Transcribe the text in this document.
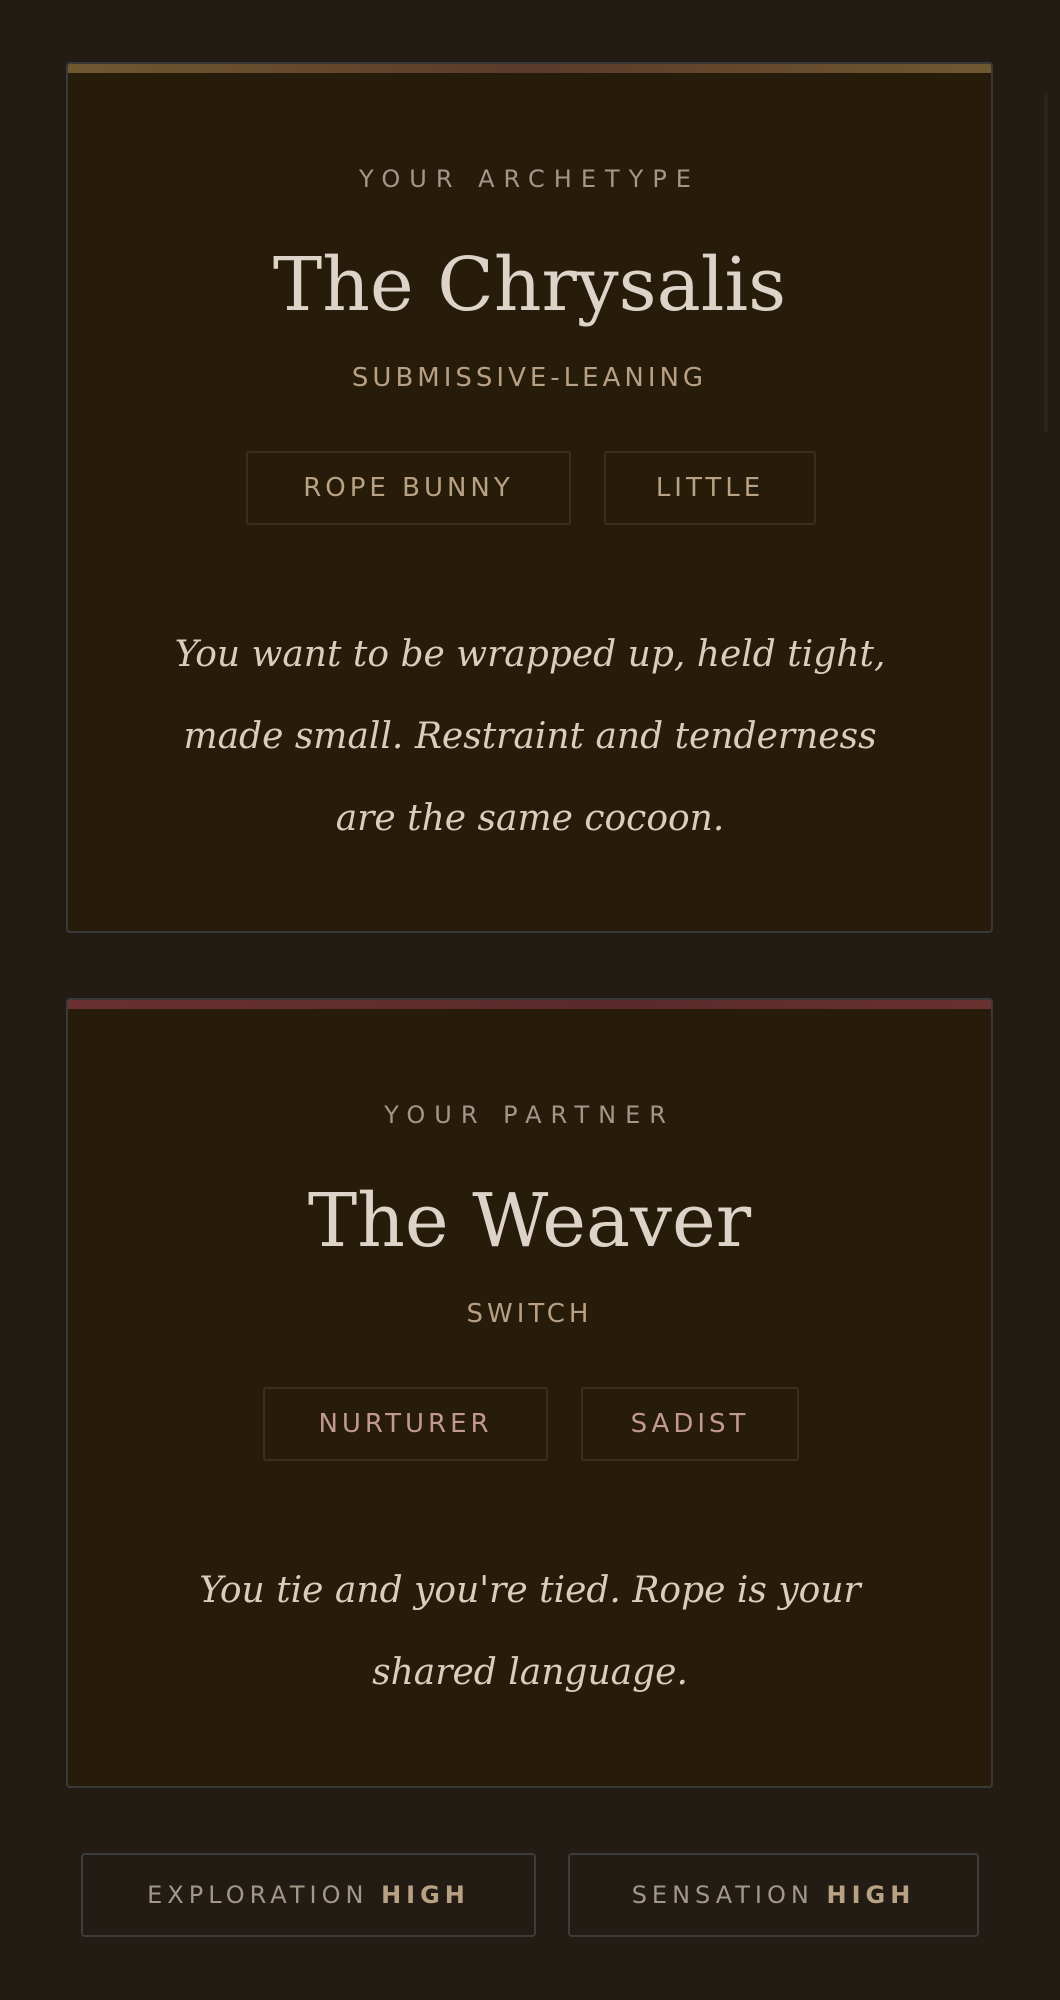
YOUR ARCHETYPE
The Chrysalis
SUBMISSIVE-LEANING
ROPE BUNNY	LITTLE
You want to be wrapped up, held tight, made small. Restraint and tenderness are the same cocoon.
YOUR PARTNER
The Weaver
SWITCH
NURTURER	SADIST
You tie and you're tied. Rope is your shared language.
EXPLORATION HIGH	SENSATION HIGH
